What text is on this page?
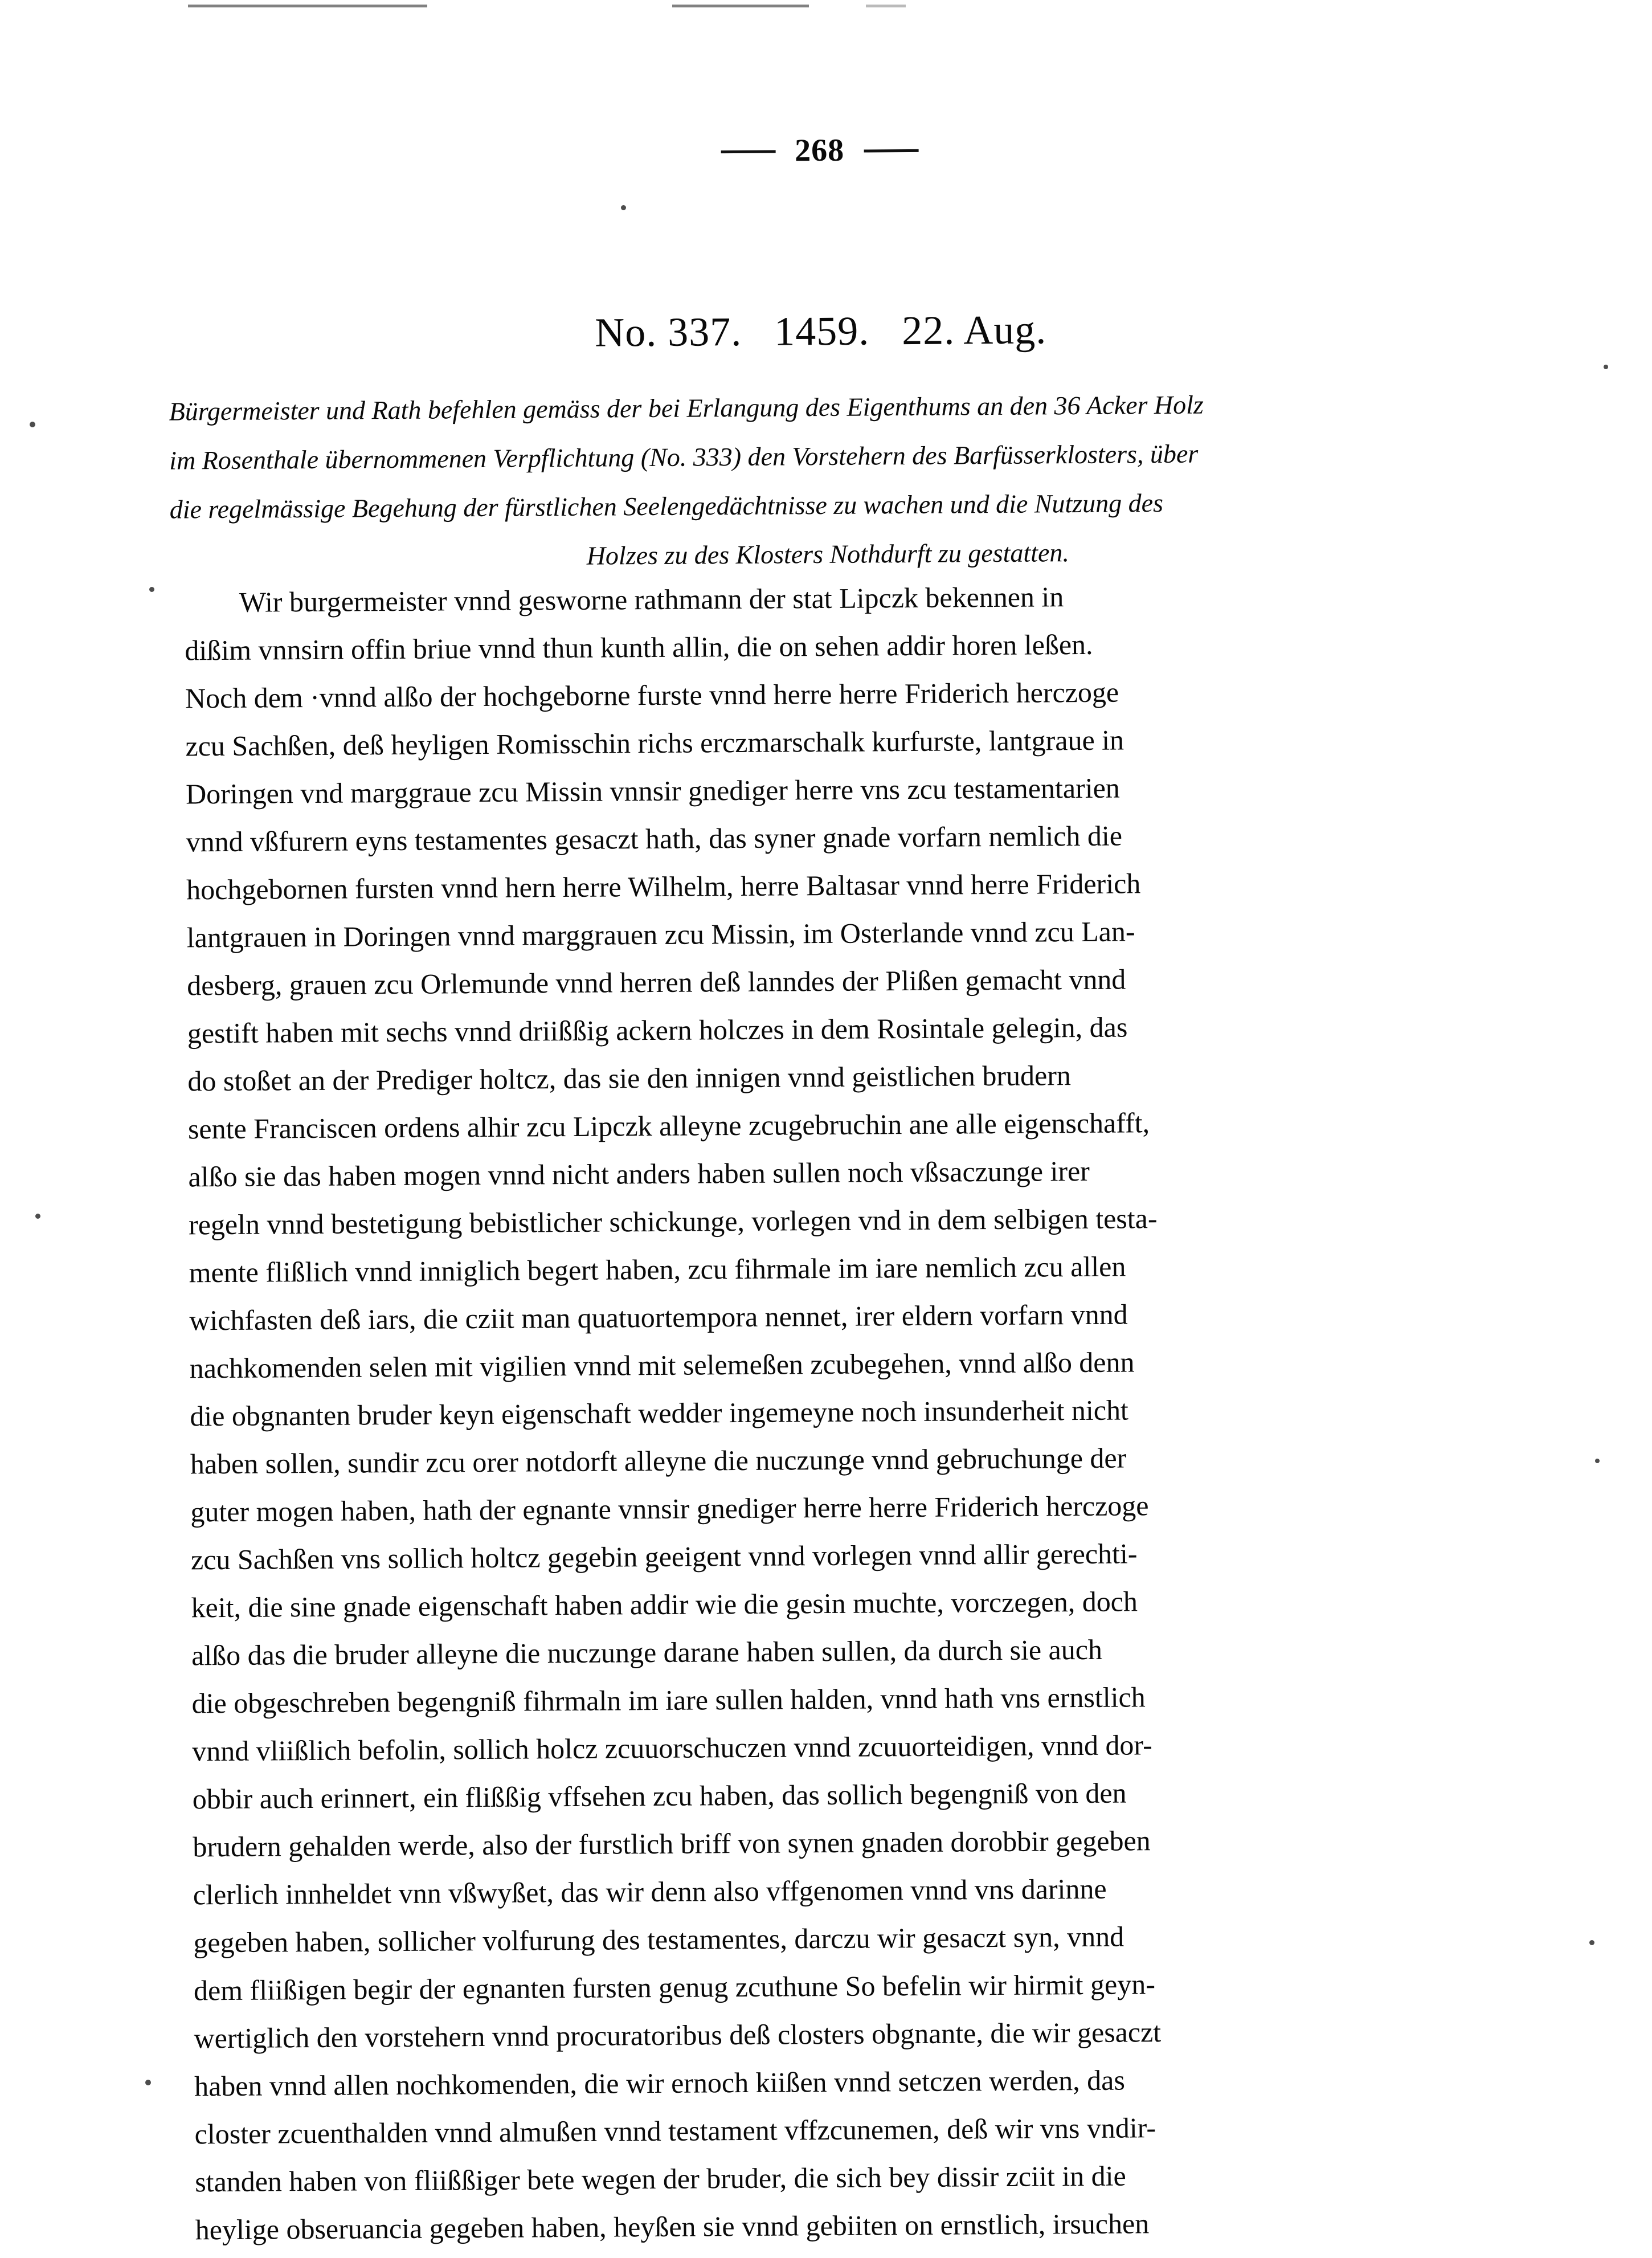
268
No. 337.   1459.   22. Aug.
Bürgermeister und Rath befehlen gemäss der bei Erlangung des Eigenthums an den 36 Acker Holz
im Rosenthale übernommenen Verpflichtung (No. 333) den Vorstehern des Barfüsserklosters, über
die regelmässige Begehung der fürstlichen Seelengedächtnisse zu wachen und die Nutzung des
Holzes zu des Klosters Nothdurft zu gestatten.
Wir burgermeister vnnd gesworne rathmann der stat Lipczk bekennen in
dißim vnnsirn offin briue vnnd thun kunth allin, die on sehen addir horen leßen.
Noch dem ·vnnd alßo der hochgeborne furste vnnd herre herre Friderich herczoge
zcu Sachßen, deß heyligen Romisschin richs erczmarschalk kurfurste, lantgraue in
Doringen vnd marggraue zcu Missin vnnsir gnediger herre vns zcu testamentarien
vnnd vßfurern eyns testamentes gesaczt hath, das syner gnade vorfarn nemlich die
hochgebornen fursten vnnd hern herre Wilhelm, herre Baltasar vnnd herre Friderich
lantgrauen in Doringen vnnd marggrauen zcu Missin, im Osterlande vnnd zcu Lan-
desberg, grauen zcu Orlemunde vnnd herren deß lanndes der Plißen gemacht vnnd
gestift haben mit sechs vnnd driißßig ackern holczes in dem Rosintale gelegin, das
do stoßet an der Prediger holtcz, das sie den innigen vnnd geistlichen brudern
sente Franciscen ordens alhir zcu Lipczk alleyne zcugebruchin ane alle eigenschafft,
alßo sie das haben mogen vnnd nicht anders haben sullen noch vßsaczunge irer
regeln vnnd bestetigung bebistlicher schickunge, vorlegen vnd in dem selbigen testa-
mente flißlich vnnd inniglich begert haben, zcu fihrmale im iare nemlich zcu allen
wichfasten deß iars, die cziit man quatuortempora nennet, irer eldern vorfarn vnnd
nachkomenden selen mit vigilien vnnd mit selemeßen zcubegehen, vnnd alßo denn
die obgnanten bruder keyn eigenschaft wedder ingemeyne noch insunderheit nicht
haben sollen, sundir zcu orer notdorft alleyne die nuczunge vnnd gebruchunge der
guter mogen haben, hath der egnante vnnsir gnediger herre herre Friderich herczoge
zcu Sachßen vns sollich holtcz gegebin geeigent vnnd vorlegen vnnd allir gerechti-
keit, die sine gnade eigenschaft haben addir wie die gesin muchte, vorczegen, doch
alßo das die bruder alleyne die nuczunge darane haben sullen, da durch sie auch
die obgeschreben begengniß fihrmaln im iare sullen halden, vnnd hath vns ernstlich
vnnd vliißlich befolin, sollich holcz zcuuorschuczen vnnd zcuuorteidigen, vnnd dor-
obbir auch erinnert, ein flißßig vffsehen zcu haben, das sollich begengniß von den
brudern gehalden werde, also der furstlich briff von synen gnaden dorobbir gegeben
clerlich innheldet vnn vßwyßet, das wir denn also vffgenomen vnnd vns darinne
gegeben haben, sollicher volfurung des testamentes, darczu wir gesaczt syn, vnnd
dem fliißigen begir der egnanten fursten genug zcuthune So befelin wir hirmit geyn-
wertiglich den vorstehern vnnd procuratoribus deß closters obgnante, die wir gesaczt
haben vnnd allen nochkomenden, die wir ernoch kiißen vnnd setczen werden, das
closter zcuenthalden vnnd almußen vnnd testament vffzcunemen, deß wir vns vndir-
standen haben von fliißßiger bete wegen der bruder, die sich bey dissir zciit in die
heylige obseruancia gegeben haben, heyßen sie vnnd gebiiten on ernstlich, irsuchen
